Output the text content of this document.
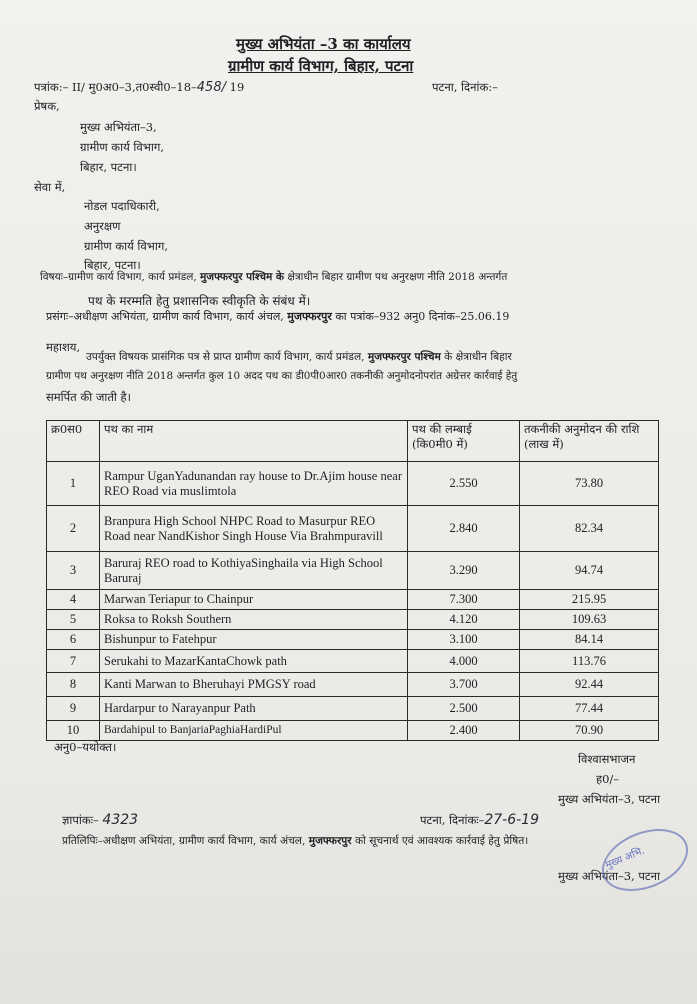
मुख्य अभियंता –3 का कार्यालय
ग्रामीण कार्य विभाग, बिहार, पटना
पत्रांक:– II/ मु0अ0–3,त0स्वी0–18–458/ 19	पटना, दिनांक:–
प्रेषक,
मुख्य अभियंता–3,
ग्रामीण कार्य विभाग,
बिहार, पटना।
सेवा में,
नोडल पदाधिकारी,
अनुरक्षण
ग्रामीण कार्य विभाग,
बिहार, पटना।
विषयः–ग्रामीण कार्य विभाग, कार्य प्रमंडल, मुजफ्फरपुर पश्चिम के क्षेत्राधीन बिहार ग्रामीण पथ अनुरक्षण नीति 2018 अन्तर्गत
पथ के मरम्मति हेतु प्रशासनिक स्वीकृति के संबंध में।
प्रसंगः–अधीक्षण अभियंता, ग्रामीण कार्य विभाग, कार्य अंचल, मुजफ्फरपुर का पत्रांक–932 अनु0 दिनांक–25.06.19
महाशय,
उपर्युक्त विषयक प्रासंगिक पत्र से प्राप्त ग्रामीण कार्य विभाग, कार्य प्रमंडल, मुजफ्फरपुर पश्चिम के क्षेत्राधीन बिहार
ग्रामीण पथ अनुरक्षण नीति 2018 अन्तर्गत कुल 10 अदद पथ का डी0पी0आर0 तकनीकी अनुमोदनोपरांत अग्रेत्तर कार्रवाई हेतु
समर्पित की जाती है।
क्र0स0	पथ का नाम	पथ की लम्बाई (कि0मी0 में)	तकनीकी अनुमोदन की राशि (लाख में)
1	Rampur UganYadunandan ray house to Dr.Ajim house near REO Road via muslimtola	2.550	73.80
2	Branpura High School NHPC Road to Masurpur REO Road near NandKishor Singh House Via Brahmpuravill	2.840	82.34
3	Baruraj REO road to KothiyaSinghaila via High School Baruraj	3.290	94.74
4	Marwan Teriapur to Chainpur	7.300	215.95
5	Roksa to Roksh Southern	4.120	109.63
6	Bishunpur to Fatehpur	3.100	84.14
7	Serukahi to MazarKantaChowk path	4.000	113.76
8	Kanti Marwan to Bheruhayi PMGSY road	3.700	92.44
9	Hardarpur to Narayanpur Path	2.500	77.44
10	Bardahipul to BanjariaPaghiaHardiPul	2.400	70.90
अनु0–यथोक्त।
विश्वासभाजन
ह0/–
मुख्य अभियंता–3, पटना
ज्ञापांकः– 4323	पटना, दिनांकः–27-6-19
प्रतिलिपिः–अधीक्षण अभियंता, ग्रामीण कार्य विभाग, कार्य अंचल, मुजफ्फरपुर को सूचनार्थ एवं आवश्यक कार्रवाई हेतु प्रेषित।
मुख्य अभियंता–3, पटना
मुख्य अभि.
